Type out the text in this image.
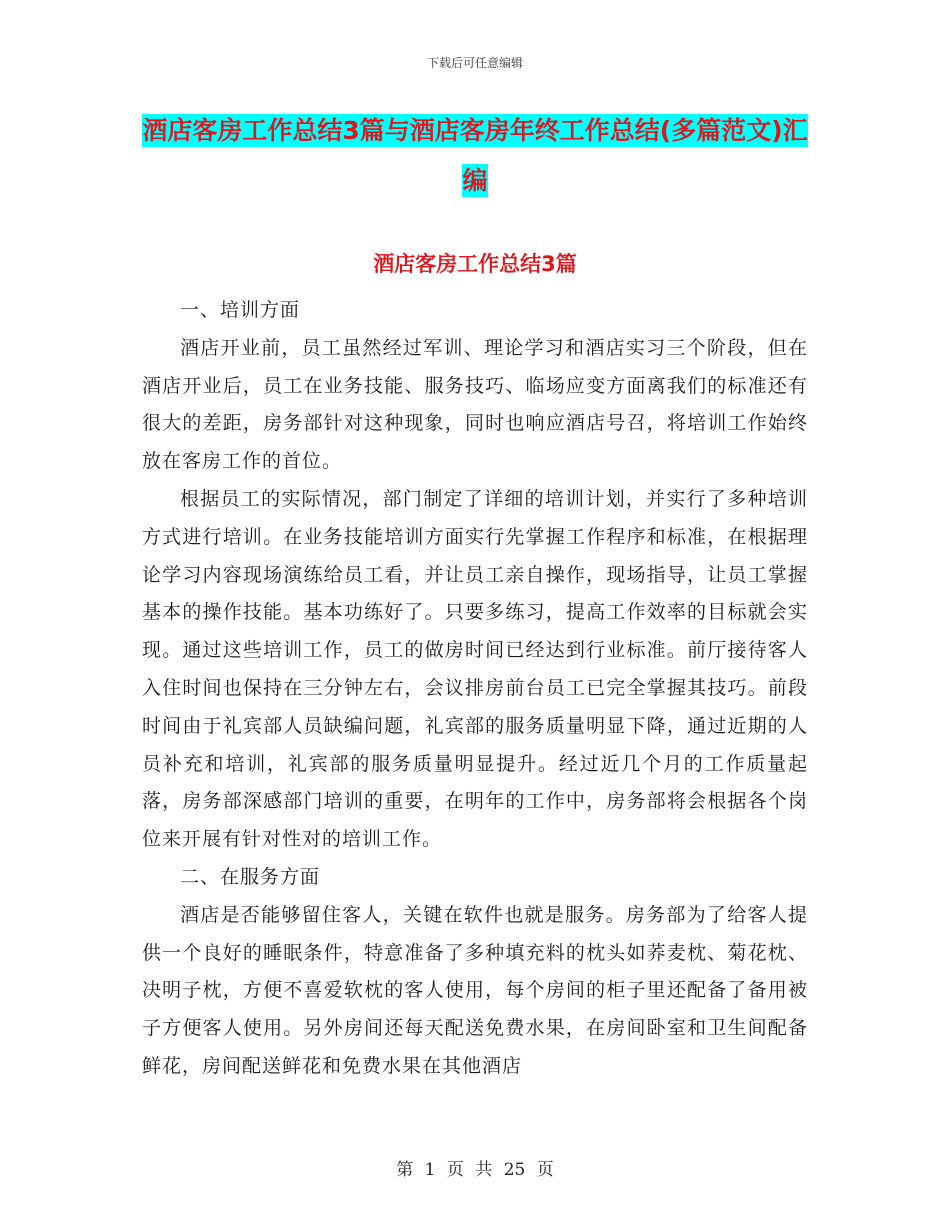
下载后可任意编辑
酒店客房工作总结3篇与酒店客房年终工作总结(多篇范文)汇编
酒店客房工作总结3篇

一、培训方面

酒店开业前，员工虽然经过军训、理论学习和酒店实习三个阶段，但在酒店开业后，员工在业务技能、服务技巧、临场应变方面离我们的标准还有很大的差距，房务部针对这种现象，同时也响应酒店号召，将培训工作始终放在客房工作的首位。

根据员工的实际情况，部门制定了详细的培训计划，并实行了多种培训方式进行培训。在业务技能培训方面实行先掌握工作程序和标准，在根据理论学习内容现场演练给员工看，并让员工亲自操作，现场指导，让员工掌握基本的操作技能。基本功练好了。只要多练习，提高工作效率的目标就会实现。通过这些培训工作，员工的做房时间已经达到行业标准。前厅接待客人入住时间也保持在三分钟左右，会议排房前台员工已完全掌握其技巧。前段时间由于礼宾部人员缺编问题，礼宾部的服务质量明显下降，通过近期的人员补充和培训，礼宾部的服务质量明显提升。经过近几个月的工作质量起落，房务部深感部门培训的重要，在明年的工作中，房务部将会根据各个岗位来开展有针对性对的培训工作。

二、在服务方面

酒店是否能够留住客人，关键在软件也就是服务。房务部为了给客人提供一个良好的睡眠条件，特意准备了多种填充料的枕头如荞麦枕、菊花枕、决明子枕，方便不喜爱软枕的客人使用，每个房间的柜子里还配备了备用被子方便客人使用。另外房间还每天配送免费水果，在房间卧室和卫生间配备鲜花，房间配送鲜花和免费水果在其他酒店

第 1 页 共 25 页
